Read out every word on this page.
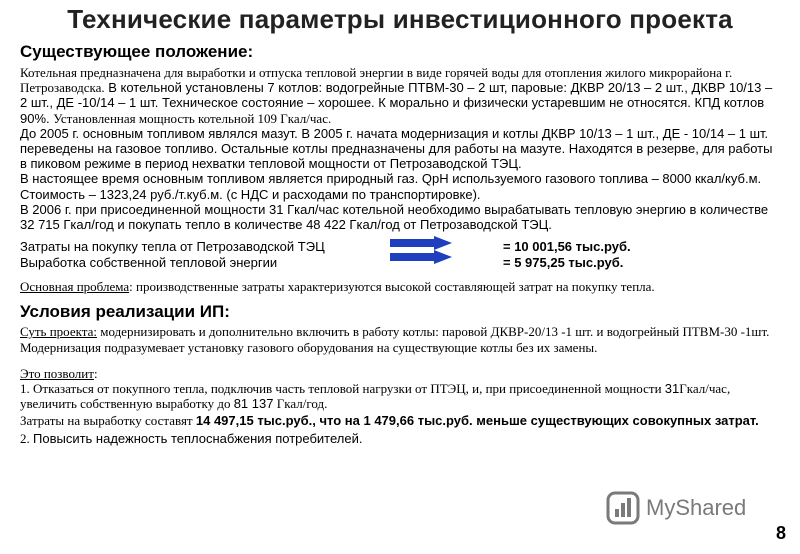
Технические параметры инвестиционного проекта
Существующее положение:

Котельная предназначена для выработки и отпуска тепловой энергии в виде горячей воды для отопления жилого микрорайона г. Петрозаводска. В котельной установлены 7 котлов: водогрейные ПТВМ-30 – 2 шт, паровые: ДКВР 20/13 – 2 шт., ДКВР 10/13 – 2 шт., ДЕ -10/14 – 1 шт. Техническое состояние – хорошее. К морально и физически устаревшим не относятся. КПД котлов 90%. Установленная мощность котельной 109 Гкал/час.

До 2005 г. основным топливом являлся мазут. В 2005 г. начата модернизация и котлы ДКВР 10/13 – 1 шт., ДЕ - 10/14 – 1 шт. переведены на газовое топливо. Остальные котлы предназначены для работы на мазуте. Находятся в резерве, для работы в пиковом режиме в период нехватки тепловой мощности от Петрозаводской ТЭЦ.

В настоящее время основным топливом является природный газ. QрН используемого газового топлива – 8000 ккал/куб.м. Стоимость – 1323,24 руб./т.куб.м. (с НДС и расходами по транспортировке).

В 2006 г. при присоединенной мощности 31 Гкал/час котельной необходимо вырабатывать тепловую энергию в количестве 32 715 Гкал/год и покупать тепло в количестве 48 422 Гкал/год от Петрозаводской ТЭЦ.

Затраты на покупку тепла от Петрозаводской ТЭЦ	= 10 001,56 тыс.руб.
Выработка собственной тепловой энергии	= 5 975,25 тыс.руб.

Основная проблема: производственные затраты характеризуются высокой составляющей затрат на покупку тепла.

Условия реализации ИП:

Суть проекта: модернизировать и дополнительно включить в работу котлы: паровой ДКВР-20/13 -1 шт. и водогрейный ПТВМ-30 -1шт. Модернизация подразумевает установку газового оборудования на существующие котлы без их замены.

Это позволит:

1. Отказаться от покупного тепла, подключив часть тепловой нагрузки от ПТЭЦ, и, при присоединенной мощности 31Гкал/час, увеличить собственную выработку до 81 137 Гкал/год.

Затраты на выработку составят 14 497,15 тыс.руб., что на 1 479,66 тыс.руб. меньше существующих совокупных затрат.

2. Повысить надежность теплоснабжения потребителей.

MyShared
8
